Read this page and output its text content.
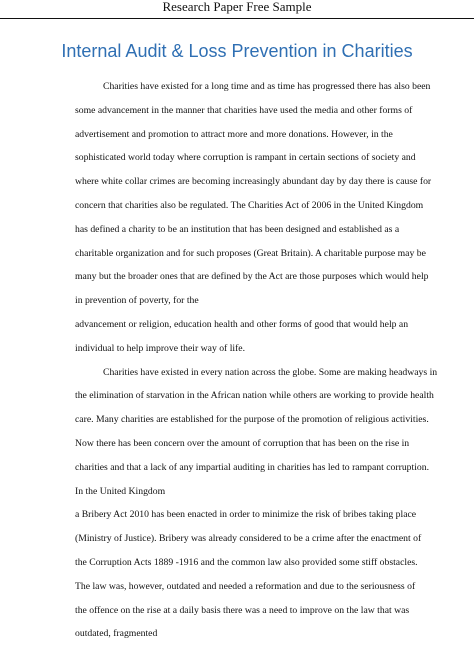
Research Paper Free Sample
Internal Audit & Loss Prevention in Charities
Charities have existed for a long time and as time has progressed there has also been
some advancement in the manner that charities have used the media and other forms of
advertisement and promotion to attract more and more donations. However, in the
sophisticated world today where corruption is rampant in certain sections of society and
where white collar crimes are becoming increasingly abundant day by day there is cause for
concern that charities also be regulated. The Charities Act of 2006 in the United Kingdom
has defined a charity to be an institution that has been designed and established as a
charitable organization and for such proposes (Great Britain). A charitable purpose may be
many but the broader ones that are defined by the Act are those purposes which would help
in prevention of poverty, for the
advancement or religion, education health and other forms of good that would help an
individual to help improve their way of life.
Charities have existed in every nation across the globe. Some are making headways in
the elimination of starvation in the African nation while others are working to provide health
care. Many charities are established for the purpose of the promotion of religious activities.
Now there has been concern over the amount of corruption that has been on the rise in
charities and that a lack of any impartial auditing in charities has led to rampant corruption.
In the United Kingdom
a Bribery Act 2010 has been enacted in order to minimize the risk of bribes taking place
(Ministry of Justice). Bribery was already considered to be a crime after the enactment of
the Corruption Acts 1889 -1916 and the common law also provided some stiff obstacles.
The law was, however, outdated and needed a reformation and due to the seriousness of
the offence on the rise at a daily basis there was a need to improve on the law that was
outdated, fragmented
